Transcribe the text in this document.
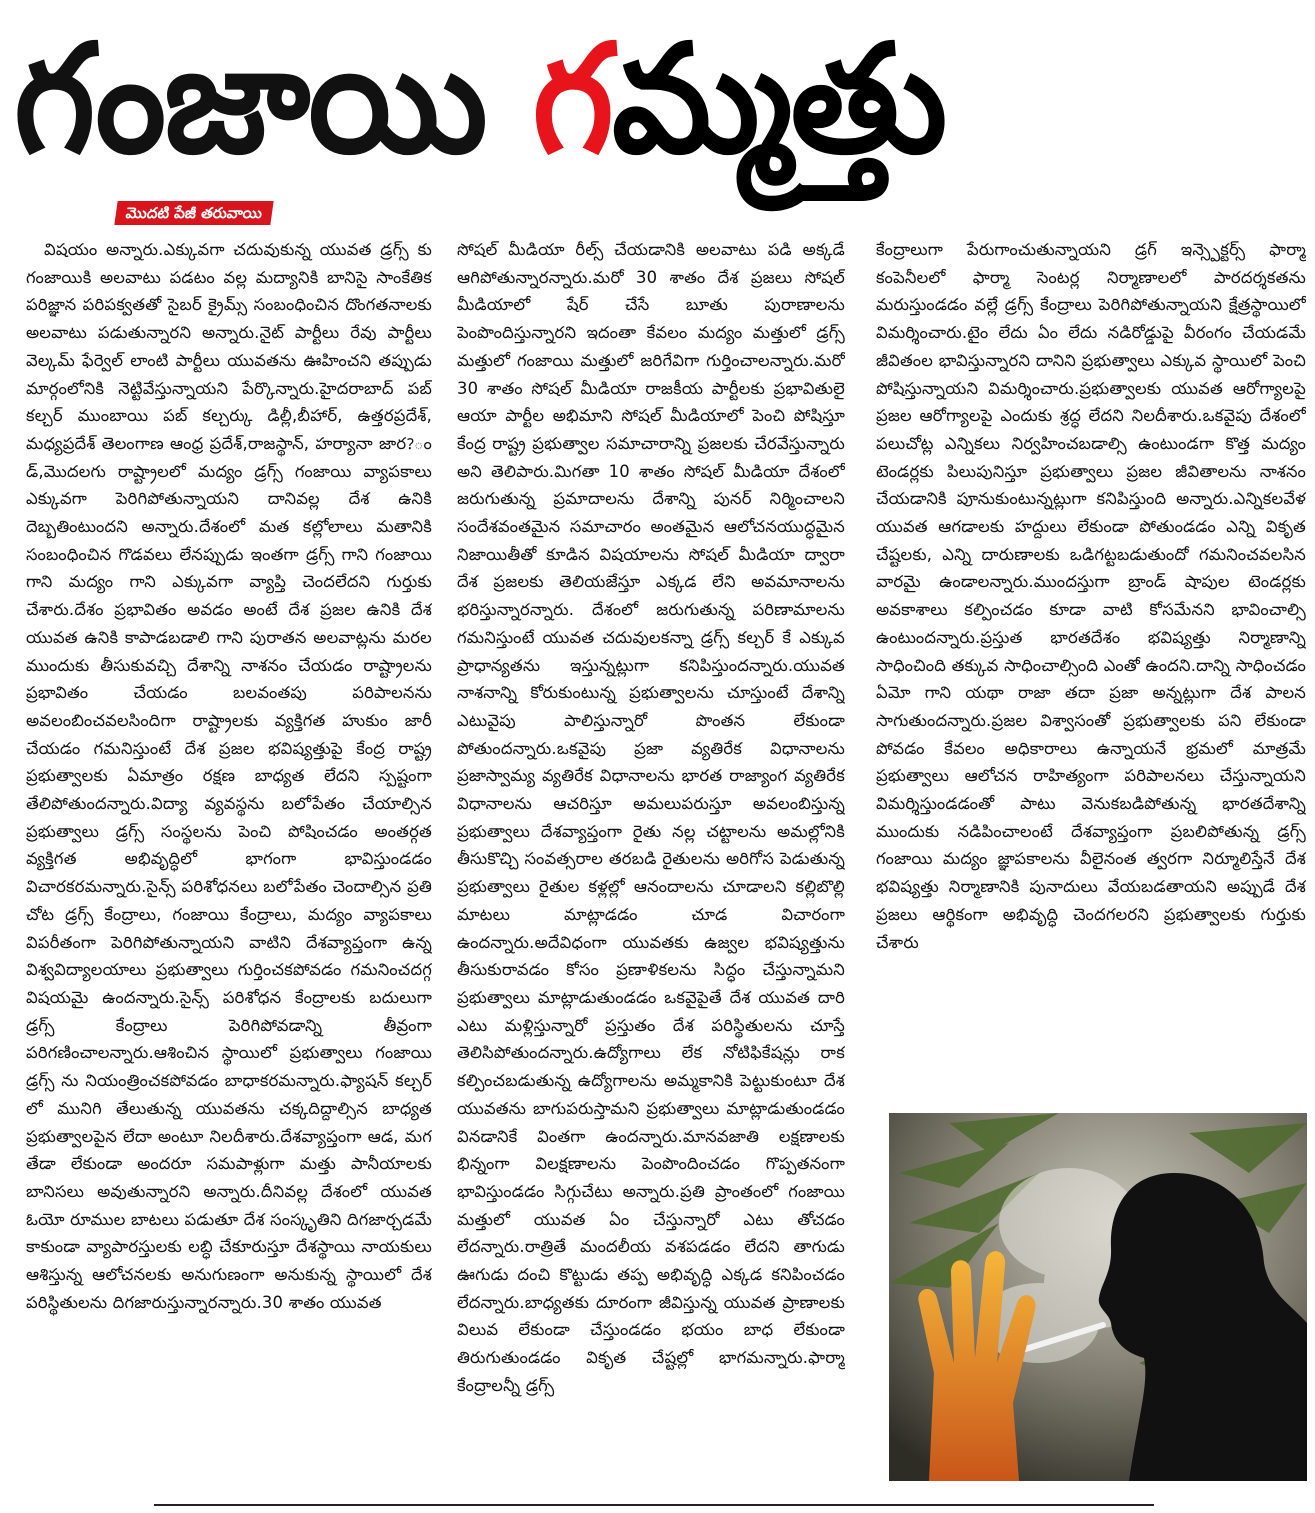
గంజాయి గమ్మత్తు
మొదటి పేజీ తరువాయి

విషయం అన్నారు.ఎక్కువగా చదువుకున్న యువత డ్రగ్స్ కు గంజాయికి అలవాటు పడటం వల్ల మద్యానికి బానిసై సాంకేతిక పరిజ్ఞాన పరిపక్వతతో సైబర్ క్రైమ్స్ సంబంధించిన దొంగతనాలకు అలవాటు పడుతున్నారని అన్నారు.నైట్ పార్టీలు రేవు పార్టీలు వెల్కమ్ ఫేర్వెల్ లాంటి పార్టీలు యువతను ఊహించని తప్పుడు మార్గంలోనికి నెట్టివేస్తున్నాయని పేర్కొన్నారు.హైదరాబాద్ పబ్ కల్చర్ ముంబాయి పబ్ కల్చర్కు డిల్లీ,బీహార్, ఉత్తరప్రదేశ్, మధ్యప్రదేశ్ తెలంగాణ ఆంధ్ర ప్రదేశ్,రాజస్థాన్, హర్యానా జార?ండ్,మొదలగు రాష్ట్రాలలో మద్యం డ్రగ్స్ గంజాయి వ్యాపకాలు ఎక్కువగా పెరిగిపోతున్నాయని దానివల్ల దేశ ఉనికి దెబ్బతింటుందని అన్నారు.దేశంలో మత కల్లోలాలు మతానికి సంబంధించిన గొడవలు లేనప్పుడు ఇంతగా డ్రగ్స్ గాని గంజాయి గాని మద్యం గాని ఎక్కువగా వ్యాప్తి చెందలేదని గుర్తుకు చేశారు.దేశం ప్రభావితం అవడం అంటే దేశ ప్రజల ఉనికి దేశ యువత ఉనికి కాపాడబడాలి గాని పురాతన అలవాట్లను మరల ముందుకు తీసుకువచ్చి దేశాన్ని నాశనం చేయడం రాష్ట్రాలను ప్రభావితం చేయడం బలవంతపు పరిపాలనను అవలంబించవలసిందిగా రాష్ట్రాలకు వ్యక్తిగత హుకుం జారీ చేయడం గమనిస్తుంటే దేశ ప్రజల భవిష్యత్తుపై కేంద్ర రాష్ట్ర ప్రభుత్వాలకు ఏమాత్రం రక్షణ బాధ్యత లేదని స్పష్టంగా తేలిపోతుందన్నారు.విద్యా వ్యవస్థను బలోపేతం చేయాల్సిన ప్రభుత్వాలు డ్రగ్స్ సంస్థలను పెంచి పోషించడం అంతర్గత వ్యక్తిగత అభివృద్ధిలో భాగంగా భావిస్తుండడం విచారకరమన్నారు.సైన్స్ పరిశోధనలు బలోపేతం చెందాల్సిన ప్రతి చోట డ్రగ్స్ కేంద్రాలు, గంజాయి కేంద్రాలు, మద్యం వ్యాపకాలు విపరీతంగా పెరిగిపోతున్నాయని వాటిని దేశవ్యాప్తంగా ఉన్న విశ్వవిద్యాలయాలు ప్రభుత్వాలు గుర్తించకపోవడం గమనించదగ్గ విషయమై ఉందన్నారు.సైన్స్ పరిశోధన కేంద్రాలకు బదులుగా డ్రగ్స్ కేంద్రాలు పెరిగిపోవడాన్ని తీవ్రంగా పరిగణించాలన్నారు.ఆశించిన స్థాయిలో ప్రభుత్వాలు గంజాయి డ్రగ్స్ ను నియంత్రించకపోవడం బాధాకరమన్నారు.ఫ్యాషన్ కల్చర్ లో మునిగి తేలుతున్న యువతను చక్కదిద్దాల్సిన బాధ్యత ప్రభుత్వాలపైన లేదా అంటూ నిలదీశారు.దేశవ్యాప్తంగా ఆడ, మగ తేడా లేకుండా అందరూ సమపాళ్లుగా మత్తు పానీయాలకు బానిసలు అవుతున్నారని అన్నారు.దీనివల్ల దేశంలో యువత ఓయో రూముల బాటలు పడుతూ దేశ సంస్కృతిని దిగజార్చడమే కాకుండా వ్యాపారస్తులకు లబ్ధి చేకూరుస్తూ దేశస్థాయి నాయకులు ఆశిస్తున్న ఆలోచనలకు అనుగుణంగా అనుకున్న స్థాయిలో దేశ పరిస్థితులను దిగజారుస్తున్నారన్నారు.30 శాతం యువత

సోషల్ మీడియా రీల్స్ చేయడానికి అలవాటు పడి అక్కడే ఆగిపోతున్నారన్నారు.మరో 30 శాతం దేశ ప్రజలు సోషల్ మీడియాలో షేర్ చేసే బూతు పురాణాలను పెంపొందిస్తున్నారని ఇదంతా కేవలం మద్యం మత్తులో డ్రగ్స్ మత్తులో గంజాయి మత్తులో జరిగేవిగా గుర్తించాలన్నారు.మరో 30 శాతం సోషల్ మీడియా రాజకీయ పార్టీలకు ప్రభావితులై ఆయా పార్టీల అభిమాని సోషల్ మీడియాలో పెంచి పోషిస్తూ కేంద్ర రాష్ట్ర ప్రభుత్వాల సమాచారాన్ని ప్రజలకు చేరవేస్తున్నారు అని తెలిపారు.మిగతా 10 శాతం సోషల్ మీడియా దేశంలో జరుగుతున్న ప్రమాదాలను దేశాన్ని పునర్ నిర్మించాలని సందేశవంతమైన సమాచారం అంతమైన ఆలోచనయుద్ధమైన నిజాయితీతో కూడిన విషయాలను సోషల్ మీడియా ద్వారా దేశ ప్రజలకు తెలియజేస్తూ ఎక్కడ లేని అవమానాలను భరిస్తున్నారన్నారు. దేశంలో జరుగుతున్న పరిణామాలను గమనిస్తుంటే యువత చదువులకన్నా డ్రగ్స్ కల్చర్ కే ఎక్కువ ప్రాధాన్యతను ఇస్తున్నట్లుగా కనిపిస్తుందన్నారు.యువత నాశనాన్ని కోరుకుంటున్న ప్రభుత్వాలను చూస్తుంటే దేశాన్ని ఎటువైపు పాలిస్తున్నారో పొంతన లేకుండా పోతుందన్నారు.ఒకవైపు ప్రజా వ్యతిరేక విధానాలను ప్రజాస్వామ్య వ్యతిరేక విధానాలను భారత రాజ్యాంగ వ్యతిరేక విధానాలను ఆచరిస్తూ అమలుపరుస్తూ అవలంబిస్తున్న ప్రభుత్వాలు దేశవ్యాప్తంగా రైతు నల్ల చట్టాలను అమల్లోనికి తీసుకొచ్చి సంవత్సరాల తరబడి రైతులను అరిగోస పెడుతున్న ప్రభుత్వాలు రైతుల కళ్లల్లో ఆనందాలను చూడాలని కల్లిబొల్లి మాటలు మాట్లాడడం చూడ విచారంగా ఉందన్నారు.అదేవిధంగా యువతకు ఉజ్వల భవిష్యత్తును తీసుకురావడం కోసం ప్రణాళికలను సిద్ధం చేస్తున్నామని ప్రభుత్వాలు మాట్లాడుతుండడం ఒకవైపైతే దేశ యువత దారి ఎటు మళ్లిస్తున్నారో ప్రస్తుతం దేశ పరిస్థితులను చూస్తే తెలిసిపోతుందన్నారు.ఉద్యోగాలు లేక నోటిఫికేషన్లు రాక కల్పించబడుతున్న ఉద్యోగాలను అమ్మకానికి పెట్టుకుంటూ దేశ యువతను బాగుపరుస్తామని ప్రభుత్వాలు మాట్లాడుతుండడం వినడానికే వింతగా ఉందన్నారు.మానవజాతి లక్షణాలకు భిన్నంగా విలక్షణాలను పెంపొందించడం గొప్పతనంగా భావిస్తుండడం సిగ్గుచేటు అన్నారు.ప్రతి ప్రాంతంలో గంజాయి మత్తులో యువత ఏం చేస్తున్నారో ఎటు తోచడం లేదన్నారు.రాత్రితే మందలీయ వశపడడం లేదని తాగుడు ఊగుడు దంచి కొట్టుడు తప్ప అభివృద్ధి ఎక్కడ కనిపించడం లేదన్నారు.బాధ్యతకు దూరంగా జీవిస్తున్న యువత ప్రాణాలకు విలువ లేకుండా చేస్తుండడం భయం బాధ లేకుండా తిరుగుతుండడం వికృత చేష్టల్లో భాగమన్నారు.ఫార్మా కేంద్రాలన్నీ డ్రగ్స్

కేంద్రాలుగా పేరుగాంచుతున్నాయని డ్రగ్ ఇన్స్పెక్టర్స్ ఫార్మా కంపెనీలలో ఫార్మా సెంటర్ల నిర్మాణాలలో పారదర్శకతను మరుస్తుండడం వల్లే డ్రగ్స్ కేంద్రాలు పెరిగిపోతున్నాయని క్షేత్రస్థాయిలో విమర్శించారు.టైం లేదు ఏం లేదు నడిరోడ్డుపై వీరంగం చేయడమే జీవితంల భావిస్తున్నారని దానిని ప్రభుత్వాలు ఎక్కువ స్థాయిలో పెంచి పోషిస్తున్నాయని విమర్శించారు.ప్రభుత్వాలకు యువత ఆరోగ్యాలపై ప్రజల ఆరోగ్యాలపై ఎందుకు శ్రద్ధ లేదని నిలదీశారు.ఒకవైపు దేశంలో పలుచోట్ల ఎన్నికలు నిర్వహించబడాల్సి ఉంటుండగా కొత్త మద్యం టెండర్లకు పిలుపునిస్తూ ప్రభుత్వాలు ప్రజల జీవితాలను నాశనం చేయడానికి పూనుకుంటున్నట్లుగా కనిపిస్తుంది అన్నారు.ఎన్నికలవేళ యువత ఆగడాలకు హద్దులు లేకుండా పోతుండడం ఎన్ని వికృత చేష్టలకు, ఎన్ని దారుణాలకు ఒడిగట్టబడుతుందో గమనించవలసిన వారమై ఉండాలన్నారు.ముందస్తుగా బ్రాండ్ షాపుల టెండర్లకు అవకాశాలు కల్పించడం కూడా వాటి కోసమేనని భావించాల్సి ఉంటుందన్నారు.ప్రస్తుత భారతదేశం భవిష్యత్తు నిర్మాణాన్ని సాధించింది తక్కువ సాధించాల్సింది ఎంతో ఉందని.దాన్ని సాధించడం ఏమో గాని యథా రాజా తదా ప్రజా అన్నట్లుగా దేశ పాలన సాగుతుందన్నారు.ప్రజల విశ్వాసంతో ప్రభుత్వాలకు పని లేకుండా పోవడం కేవలం అధికారాలు ఉన్నాయనే భ్రమలో మాత్రమే ప్రభుత్వాలు ఆలోచన రాహిత్యంగా పరిపాలనలు చేస్తున్నాయని విమర్శిస్తుండడంతో పాటు వెనుకబడిపోతున్న భారతదేశాన్ని ముందుకు నడిపించాలంటే దేశవ్యాప్తంగా ప్రబలిపోతున్న డ్రగ్స్ గంజాయి మద్యం జ్ఞాపకాలను వీలైనంత త్వరగా నిర్మూలిస్తేనే దేశ భవిష్యత్తు నిర్మాణానికి పునాదులు వేయబడతాయని అప్పుడే దేశ ప్రజలు ఆర్థికంగా అభివృద్ధి చెందగలరని ప్రభుత్వాలకు గుర్తుకు చేశారు
